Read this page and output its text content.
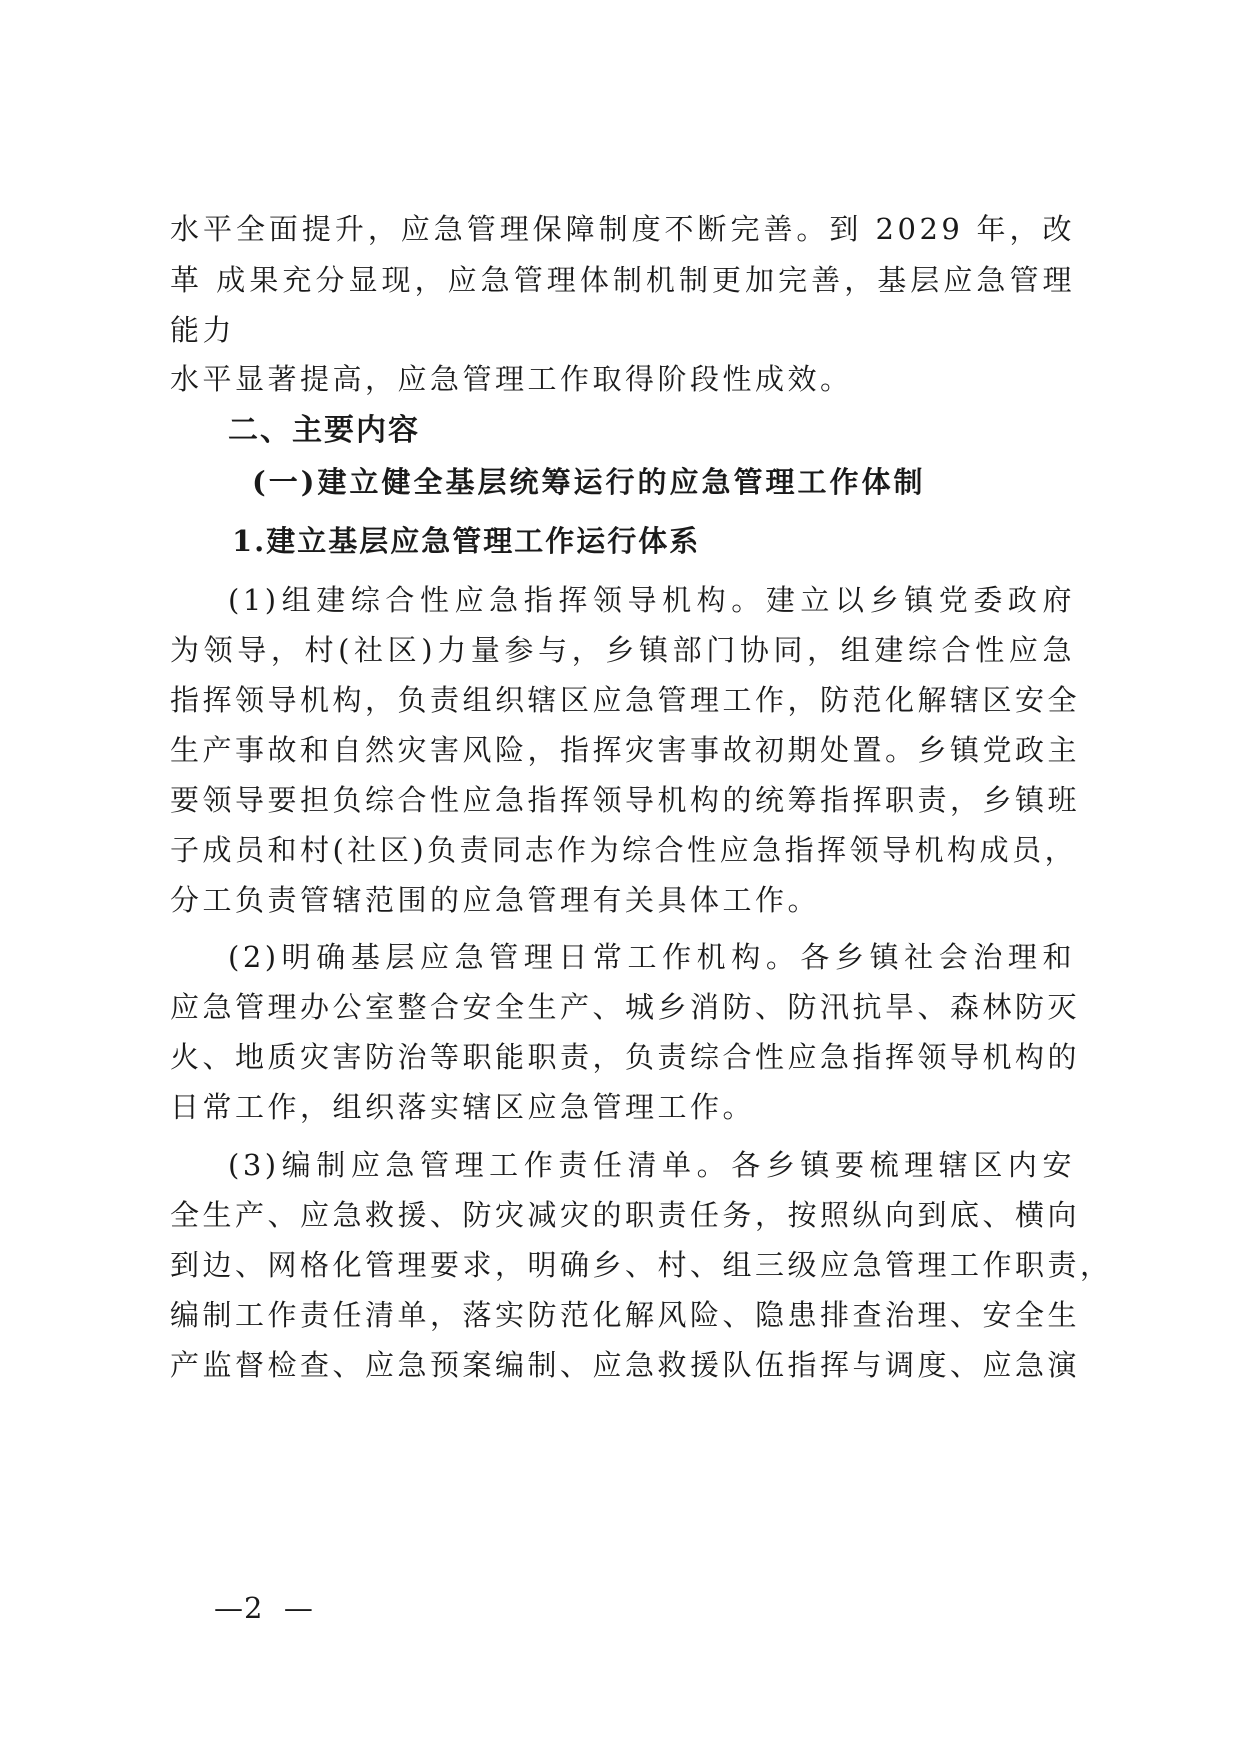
水平全面提升，应急管理保障制度不断完善。到 2029 年，改
革 成果充分显现，应急管理体制机制更加完善，基层应急管理
能力
水平显著提高，应急管理工作取得阶段性成效。
二、主要内容
(一)建立健全基层统筹运行的应急管理工作体制
1.建立基层应急管理工作运行体系
(1)组建综合性应急指挥领导机构。建立以乡镇党委政府
为领导，村(社区)力量参与，乡镇部门协同，组建综合性应急
指挥领导机构，负责组织辖区应急管理工作，防范化解辖区安全
生产事故和自然灾害风险，指挥灾害事故初期处置。乡镇党政主
要领导要担负综合性应急指挥领导机构的统筹指挥职责，乡镇班
子成员和村(社区)负责同志作为综合性应急指挥领导机构成员，
分工负责管辖范围的应急管理有关具体工作。
(2)明确基层应急管理日常工作机构。各乡镇社会治理和
应急管理办公室整合安全生产、城乡消防、防汛抗旱、森林防灭
火、地质灾害防治等职能职责，负责综合性应急指挥领导机构的
日常工作，组织落实辖区应急管理工作。
(3)编制应急管理工作责任清单。各乡镇要梳理辖区内安
全生产、应急救援、防灾减灾的职责任务，按照纵向到底、横向
到边、网格化管理要求，明确乡、村、组三级应急管理工作职责，
编制工作责任清单，落实防范化解风险、隐患排查治理、安全生
产监督检查、应急预案编制、应急救援队伍指挥与调度、应急演
—2  —
